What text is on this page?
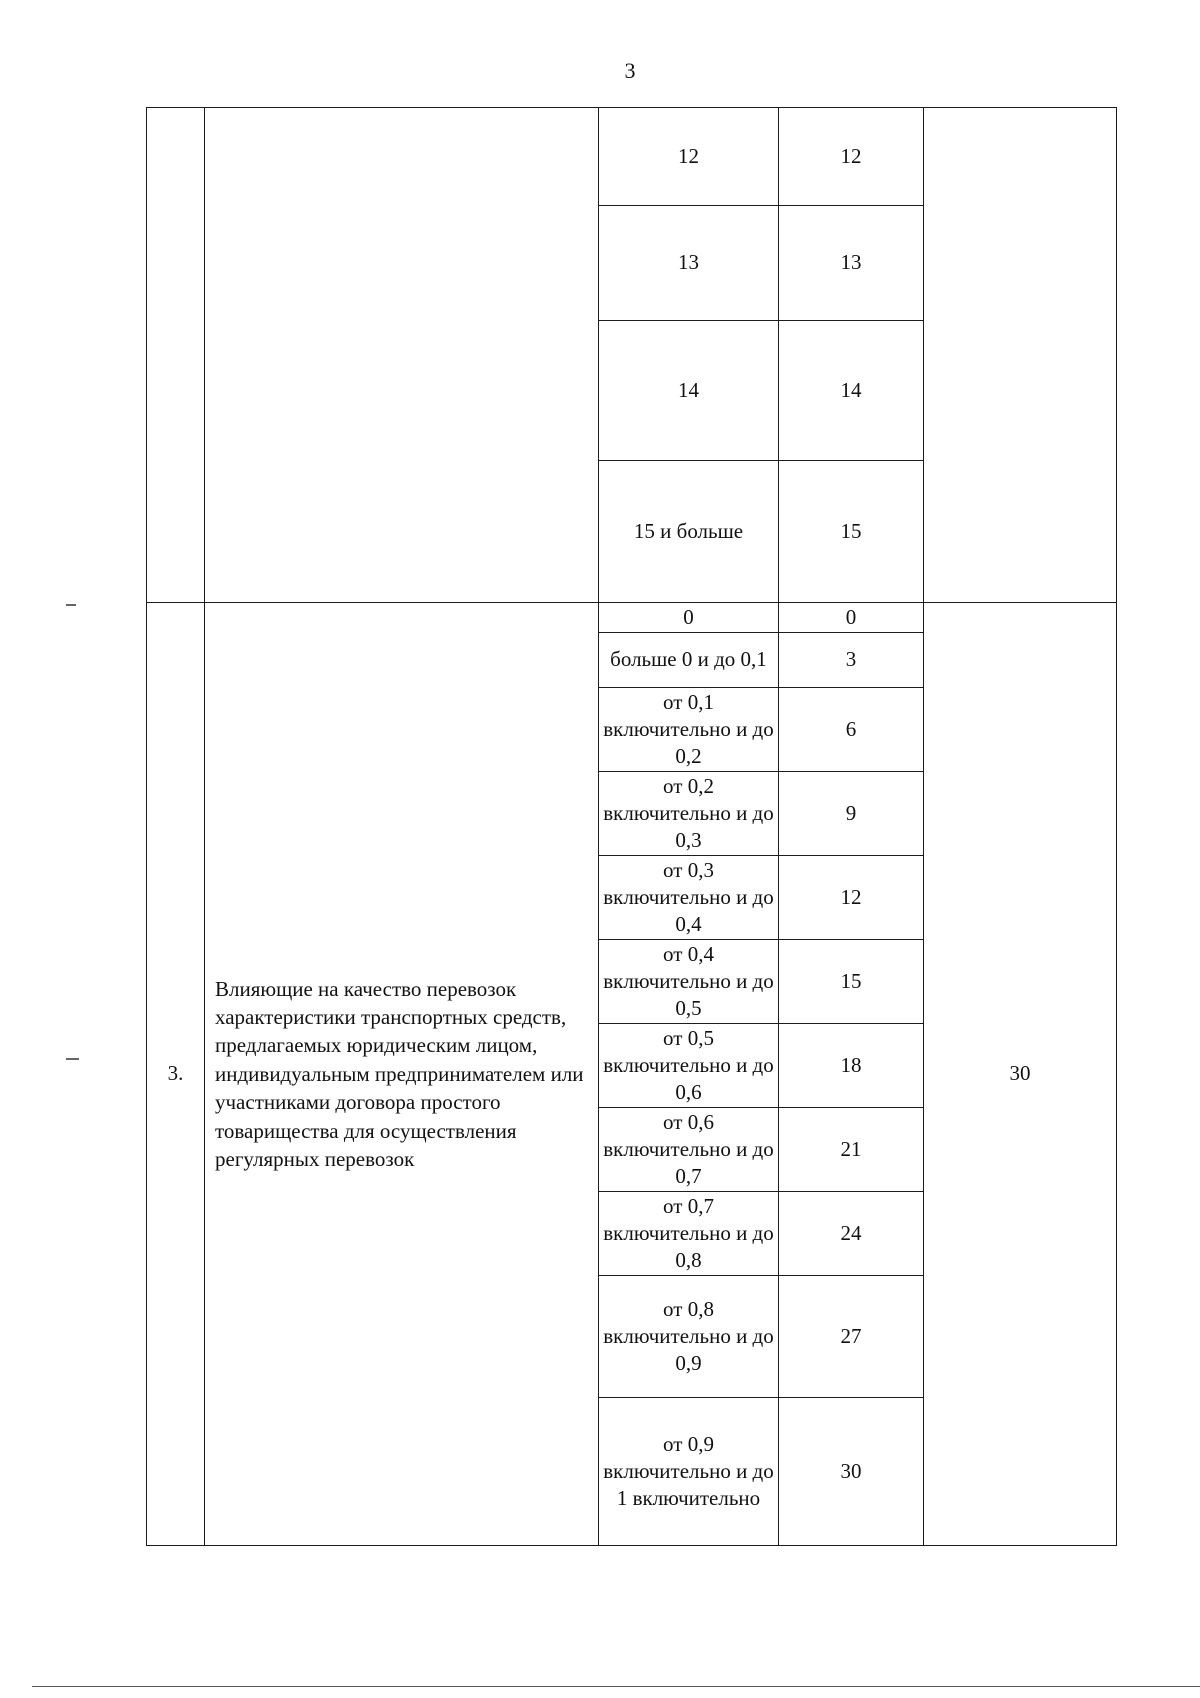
3
		12	12	
		13	13	
		14	14	
		15 и больше	15	
3.	Влияющие на качество перевозок характеристики транспортных средств, предлагаемых юридическим лицом, индивидуальным предпринимателем или участниками договора простого товарищества для осуществления регулярных перевозок	0	0	30
		больше 0 и до 0,1	3	
		от 0,1 включительно и до 0,2	6	
		от 0,2 включительно и до 0,3	9	
		от 0,3 включительно и до 0,4	12	
		от 0,4 включительно и до 0,5	15	
		от 0,5 включительно и до 0,6	18	
		от 0,6 включительно и до 0,7	21	
		от 0,7 включительно и до 0,8	24	
		от 0,8 включительно и до 0,9	27	
		от 0,9 включительно и до 1 включительно	30	
